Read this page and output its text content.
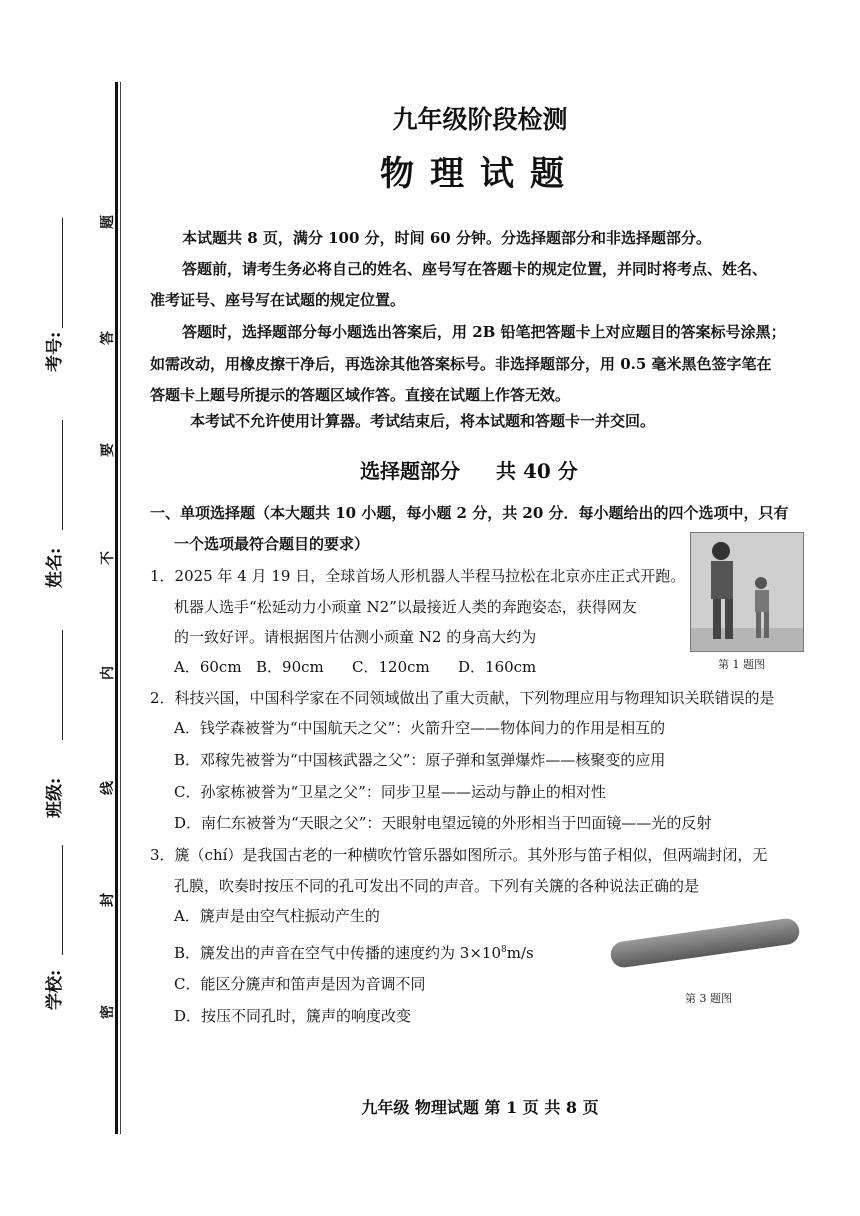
考号:
姓名:
班级:
学校:
题
答
要
不
内
线
封
密
九年级阶段检测
物理试题
本试题共 8 页，满分 100 分，时间 60 分钟。分选择题部分和非选择题部分。
答题前，请考生务必将自己的姓名、座号写在答题卡的规定位置，并同时将考点、姓名、
准考证号、座号写在试题的规定位置。
答题时，选择题部分每小题选出答案后，用 2B 铅笔把答题卡上对应题目的答案标号涂黑；
如需改动，用橡皮擦干净后，再选涂其他答案标号。非选择题部分，用 0.5 毫米黑色签字笔在
答题卡上题号所提示的答题区域作答。直接在试题上作答无效。
本考试不允许使用计算器。考试结束后，将本试题和答题卡一并交回。
选择题部分 共 40 分
一、单项选择题（本大题共 10 小题，每小题 2 分，共 20 分．每小题给出的四个选项中，只有
一个选项最符合题目的要求）
1．2025 年 4 月 19 日，全球首场人形机器人半程马拉松在北京亦庄正式开跑。
机器人选手“松延动力小顽童 N2”以最接近人类的奔跑姿态，获得网友
的一致好评。请根据图片估测小顽童 N2 的身高大约为
A．60cm B．90cm C．120cm D．160cm	第 1 题图
2．科技兴国，中国科学家在不同领域做出了重大贡献，下列物理应用与物理知识关联错误的是
A．钱学森被誉为“中国航天之父”：火箭升空——物体间力的作用是相互的
B．邓稼先被誉为“中国核武器之父”：原子弹和氢弹爆炸——核聚变的应用
C．孙家栋被誉为“卫星之父”：同步卫星——运动与静止的相对性
D．南仁东被誉为“天眼之父”：天眼射电望远镜的外形相当于凹面镜——光的反射
3．篪（chí）是我国古老的一种横吹竹管乐器如图所示。其外形与笛子相似，但两端封闭，无
孔膜，吹奏时按压不同的孔可发出不同的声音。下列有关篪的各种说法正确的是
A．篪声是由空气柱振动产生的
B．篪发出的声音在空气中传播的速度约为 $3\times 10^8m/s$
C．能区分篪声和笛声是因为音调不同
D．按压不同孔时，篪声的响度改变
第 3 题图
九年级 物理试题 第 1 页 共 8 页
